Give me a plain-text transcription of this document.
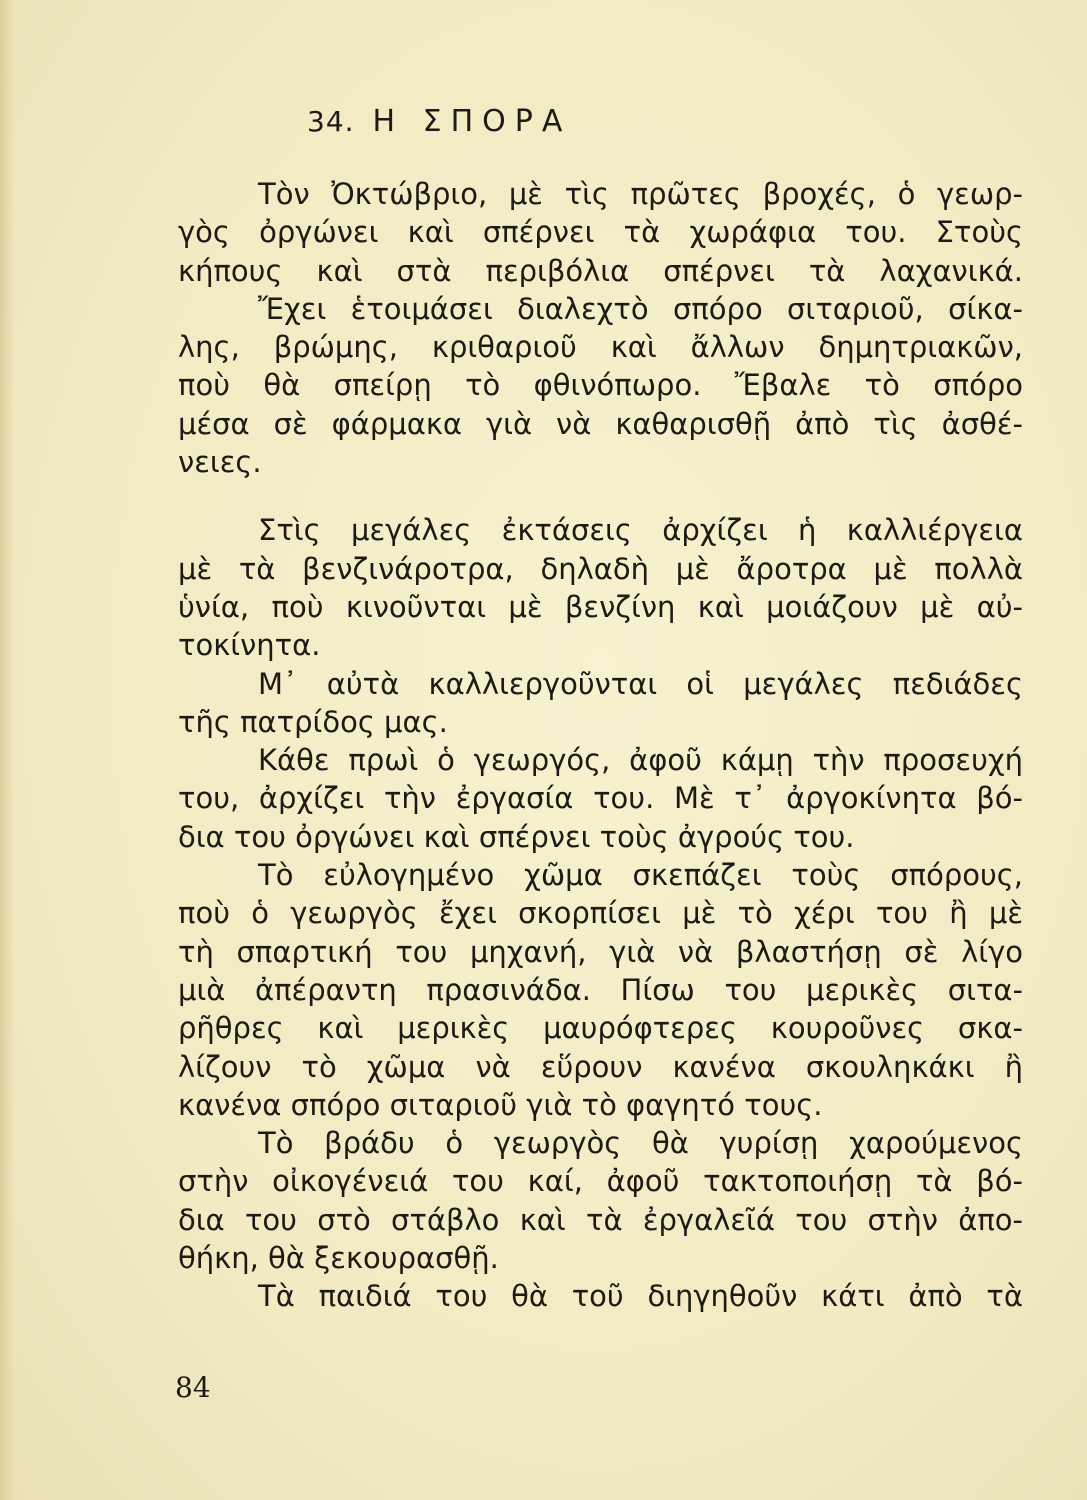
34. Η ΣΠΟΡΑ

Τὸν Ὀκτώβριο, μὲ τὶς πρῶτες βροχές, ὁ γεωρ-
γὸς ὀργώνει καὶ σπέρνει τὰ χωράφια του. Στοὺς
κήπους καὶ στὰ περιβόλια σπέρνει τὰ λαχανικά.

Ἔχει ἑτοιμάσει διαλεχτὸ σπόρο σιταριοῦ, σίκα-
λης, βρώμης, κριθαριοῦ καὶ ἄλλων δημητριακῶν,
ποὺ θὰ σπείρῃ τὸ φθινόπωρο. Ἔβαλε τὸ σπόρο
μέσα σὲ φάρμακα γιὰ νὰ καθαρισθῇ ἀπὸ τὶς ἀσθέ-
νειες.

Στὶς μεγάλες ἐκτάσεις ἀρχίζει ἡ καλλιέργεια
μὲ τὰ βενζινάροτρα, δηλαδὴ μὲ ἄροτρα μὲ πολλὰ
ὑνία, ποὺ κινοῦνται μὲ βενζίνη καὶ μοιάζουν μὲ αὐ-
τοκίνητα.

Μ᾿ αὐτὰ καλλιεργοῦνται οἱ μεγάλες πεδιάδες
τῆς πατρίδος μας.

Κάθε πρωὶ ὁ γεωργός, ἀφοῦ κάμῃ τὴν προσευχή
του, ἀρχίζει τὴν ἐργασία του. Μὲ τ᾿ ἀργοκίνητα βό-
δια του ὀργώνει καὶ σπέρνει τοὺς ἀγρούς του.

Τὸ εὐλογημένο χῶμα σκεπάζει τοὺς σπόρους,
ποὺ ὁ γεωργὸς ἔχει σκορπίσει μὲ τὸ χέρι του ἢ μὲ
τὴ σπαρτική του μηχανή, γιὰ νὰ βλαστήσῃ σὲ λίγο
μιὰ ἀπέραντη πρασινάδα. Πίσω του μερικὲς σιτα-
ρῆθρες καὶ μερικὲς μαυρόφτερες κουροῦνες σκα-
λίζουν τὸ χῶμα νὰ εὕρουν κανένα σκουληκάκι ἢ
κανένα σπόρο σιταριοῦ γιὰ τὸ φαγητό τους.

Τὸ βράδυ ὁ γεωργὸς θὰ γυρίσῃ χαρούμενος
στὴν οἰκογένειά του καί, ἀφοῦ τακτοποιήσῃ τὰ βό-
δια του στὸ στάβλο καὶ τὰ ἐργαλεῖά του στὴν ἀπο-
θήκη, θὰ ξεκουρασθῇ.

Τὰ παιδιά του θὰ τοῦ διηγηθοῦν κάτι ἀπὸ τὰ

84
